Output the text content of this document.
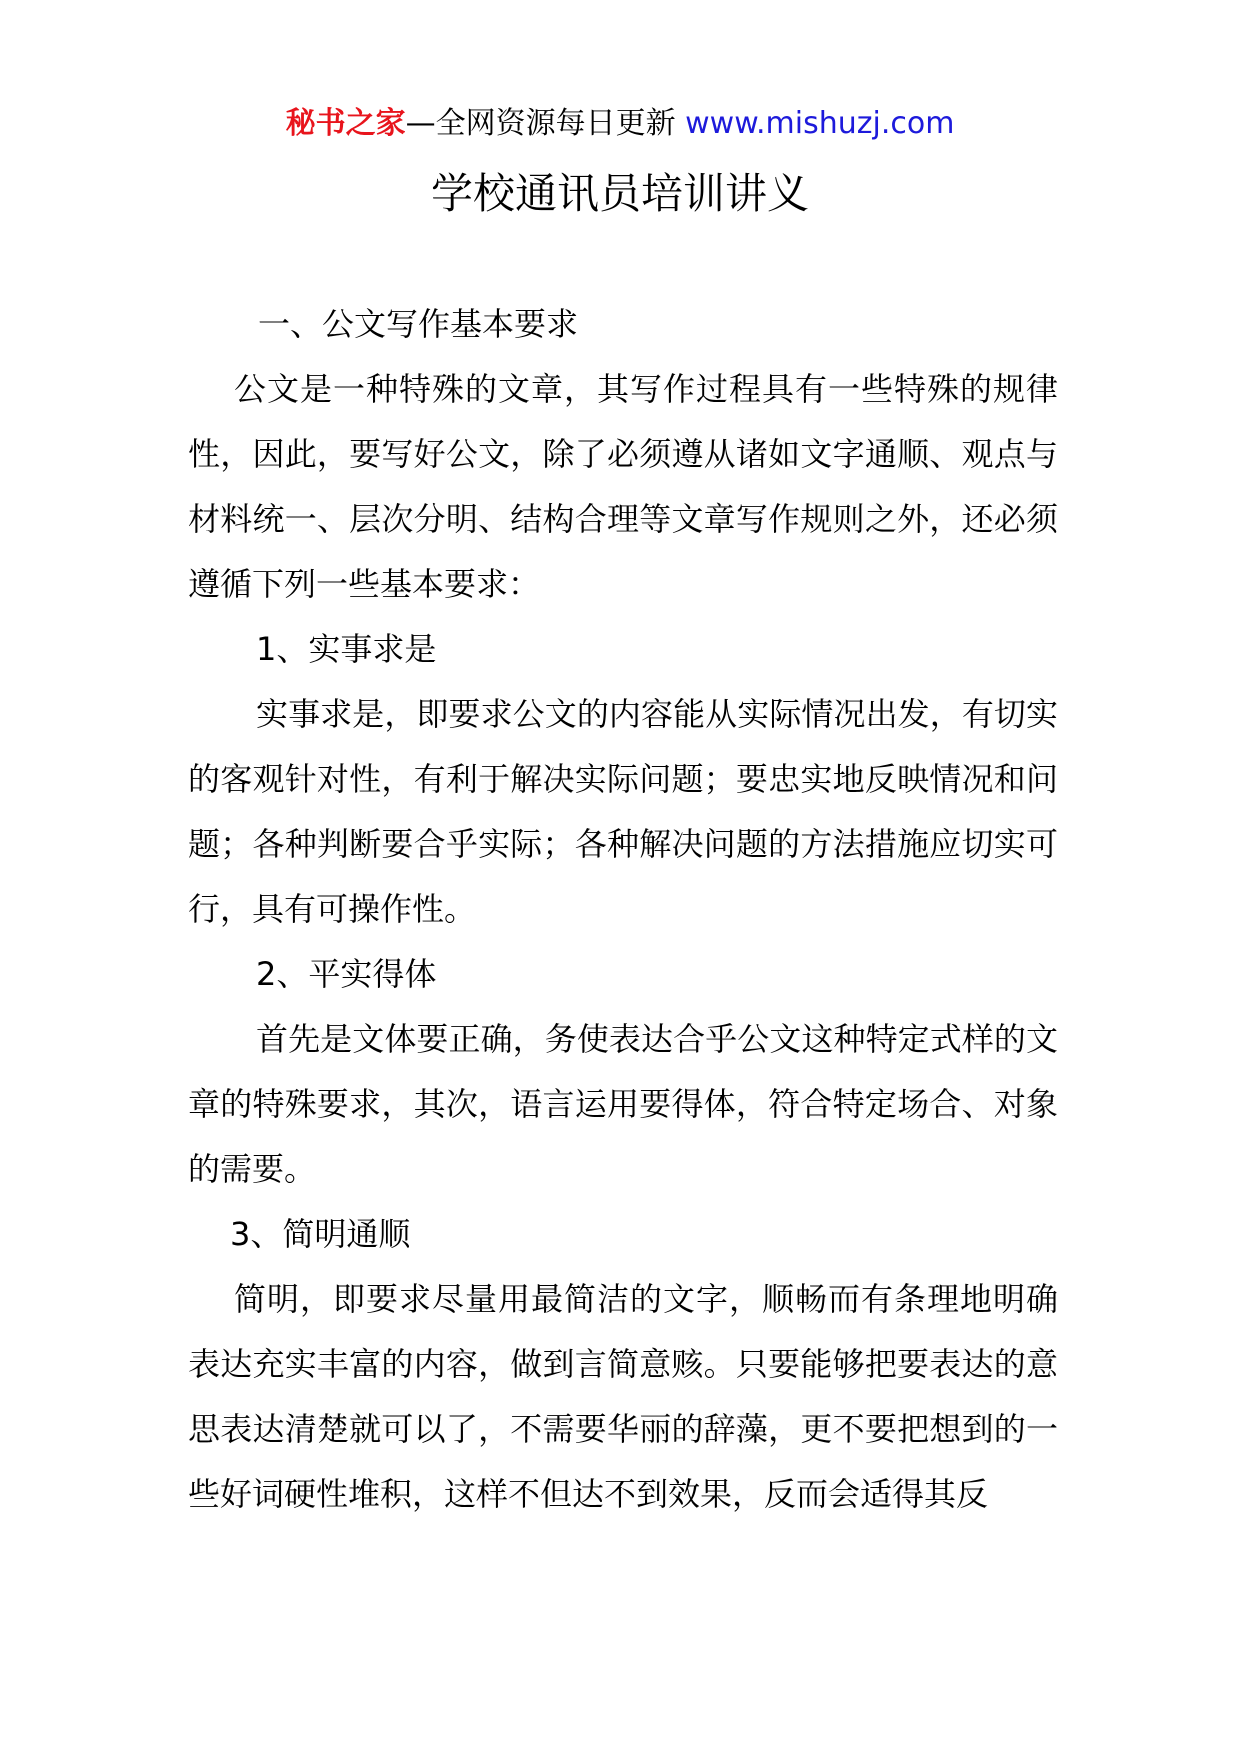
秘书之家—全网资源每日更新 www.mishuzj.com
学校通讯员培训讲义

一、公文写作基本要求

公文是一种特殊的文章，其写作过程具有一些特殊的规律性，因此，要写好公文，除了必须遵从诸如文字通顺、观点与材料统一、层次分明、结构合理等文章写作规则之外，还必须遵循下列一些基本要求：

1、实事求是

实事求是，即要求公文的内容能从实际情况出发，有切实的客观针对性，有利于解决实际问题；要忠实地反映情况和问题；各种判断要合乎实际；各种解决问题的方法措施应切实可行，具有可操作性。

2、平实得体

首先是文体要正确，务使表达合乎公文这种特定式样的文章的特殊要求，其次，语言运用要得体，符合特定场合、对象的需要。

3、简明通顺

简明，即要求尽量用最简洁的文字，顺畅而有条理地明确表达充实丰富的内容，做到言简意赅。只要能够把要表达的意思表达清楚就可以了，不需要华丽的辞藻，更不要把想到的一些好词硬性堆积，这样不但达不到效果，反而会适得其反
